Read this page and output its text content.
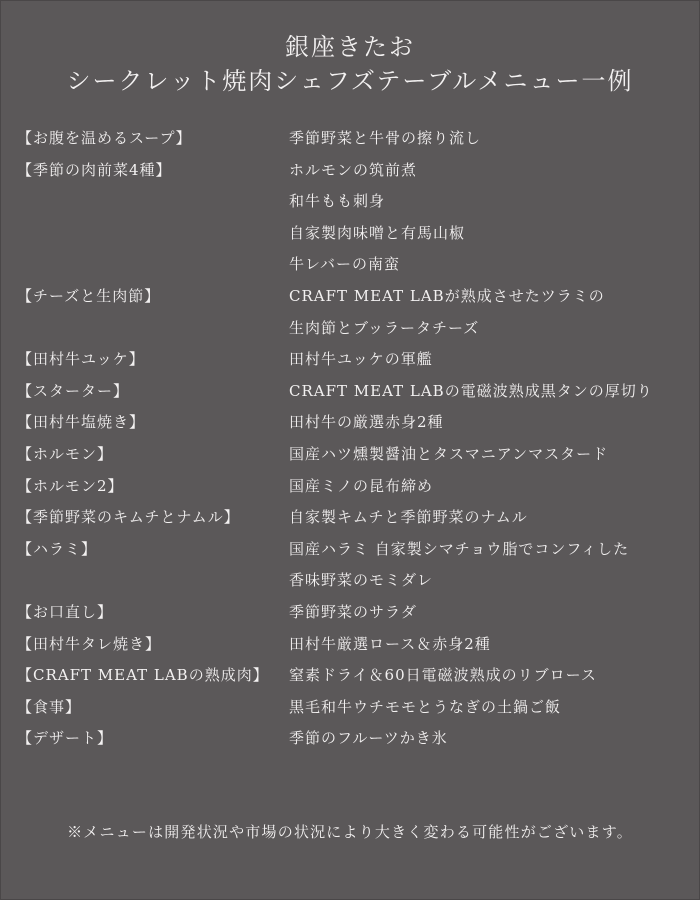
銀座きたお
シークレット焼肉シェフズテーブルメニュー一例
【お腹を温めるスープ】	季節野菜と牛骨の擦り流し
【季節の肉前菜4種】	ホルモンの筑前煮
和牛もも刺身
自家製肉味噌と有馬山椒
牛レバーの南蛮
【チーズと生肉節】	CRAFT MEAT LABが熟成させたツラミの
生肉節とブッラータチーズ
【田村牛ユッケ】	田村牛ユッケの軍艦
【スターター】	CRAFT MEAT LABの電磁波熟成黒タンの厚切り
【田村牛塩焼き】	田村牛の厳選赤身2種
【ホルモン】	国産ハツ燻製醤油とタスマニアンマスタード
【ホルモン2】	国産ミノの昆布締め
【季節野菜のキムチとナムル】	自家製キムチと季節野菜のナムル
【ハラミ】	国産ハラミ 自家製シマチョウ脂でコンフィした
香味野菜のモミダレ
【お口直し】	季節野菜のサラダ
【田村牛タレ焼き】	田村牛厳選ロース＆赤身2種
【CRAFT MEAT LABの熟成肉】 窒素ドライ＆60日電磁波熟成のリブロース
【食事】	黒毛和牛ウチモモとうなぎの土鍋ご飯
【デザート】	季節のフルーツかき氷
※メニューは開発状況や市場の状況により大きく変わる可能性がございます。
